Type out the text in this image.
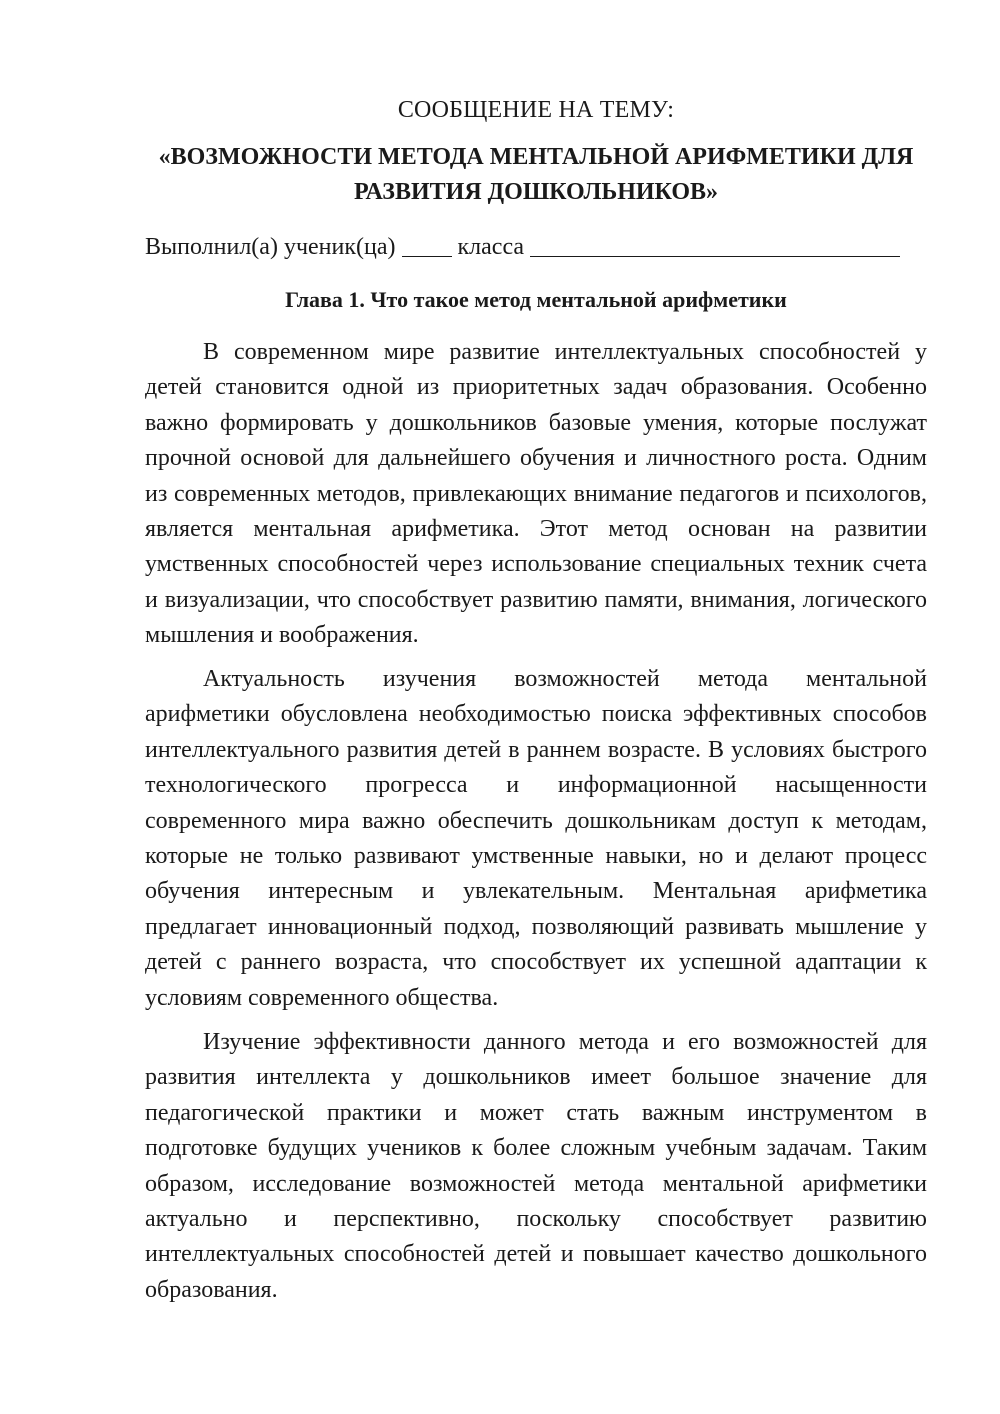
СООБЩЕНИЕ НА ТЕМУ:
«ВОЗМОЖНОСТИ МЕТОДА МЕНТАЛЬНОЙ АРИФМЕТИКИ ДЛЯ РАЗВИТИЯ ДОШКОЛЬНИКОВ»
Выполнил(а) ученик(ца)	класса
Глава 1. Что такое метод ментальной арифметики

В современном мире развитие интеллектуальных способностей у детей становится одной из приоритетных задач образования. Особенно важно формировать у дошкольников базовые умения, которые послужат прочной основой для дальнейшего обучения и личностного роста. Одним из современных методов, привлекающих внимание педагогов и психологов, является ментальная арифметика. Этот метод основан на развитии умственных способностей через использование специальных техник счета и визуализации, что способствует развитию памяти, внимания, логического мышления и воображения.

Актуальность изучения возможностей метода ментальной арифметики обусловлена необходимостью поиска эффективных способов интеллектуального развития детей в раннем возрасте. В условиях быстрого технологического прогресса и информационной насыщенности современного мира важно обеспечить дошкольникам доступ к методам, которые не только развивают умственные навыки, но и делают процесс обучения интересным и увлекательным. Ментальная арифметика предлагает инновационный подход, позволяющий развивать мышление у детей с раннего возраста, что способствует их успешной адаптации к условиям современного общества.

Изучение эффективности данного метода и его возможностей для развития интеллекта у дошкольников имеет большое значение для педагогической практики и может стать важным инструментом в подготовке будущих учеников к более сложным учебным задачам. Таким образом, исследование возможностей метода ментальной арифметики актуально и перспективно, поскольку способствует развитию интеллектуальных способностей детей и повышает качество дошкольного образования.
